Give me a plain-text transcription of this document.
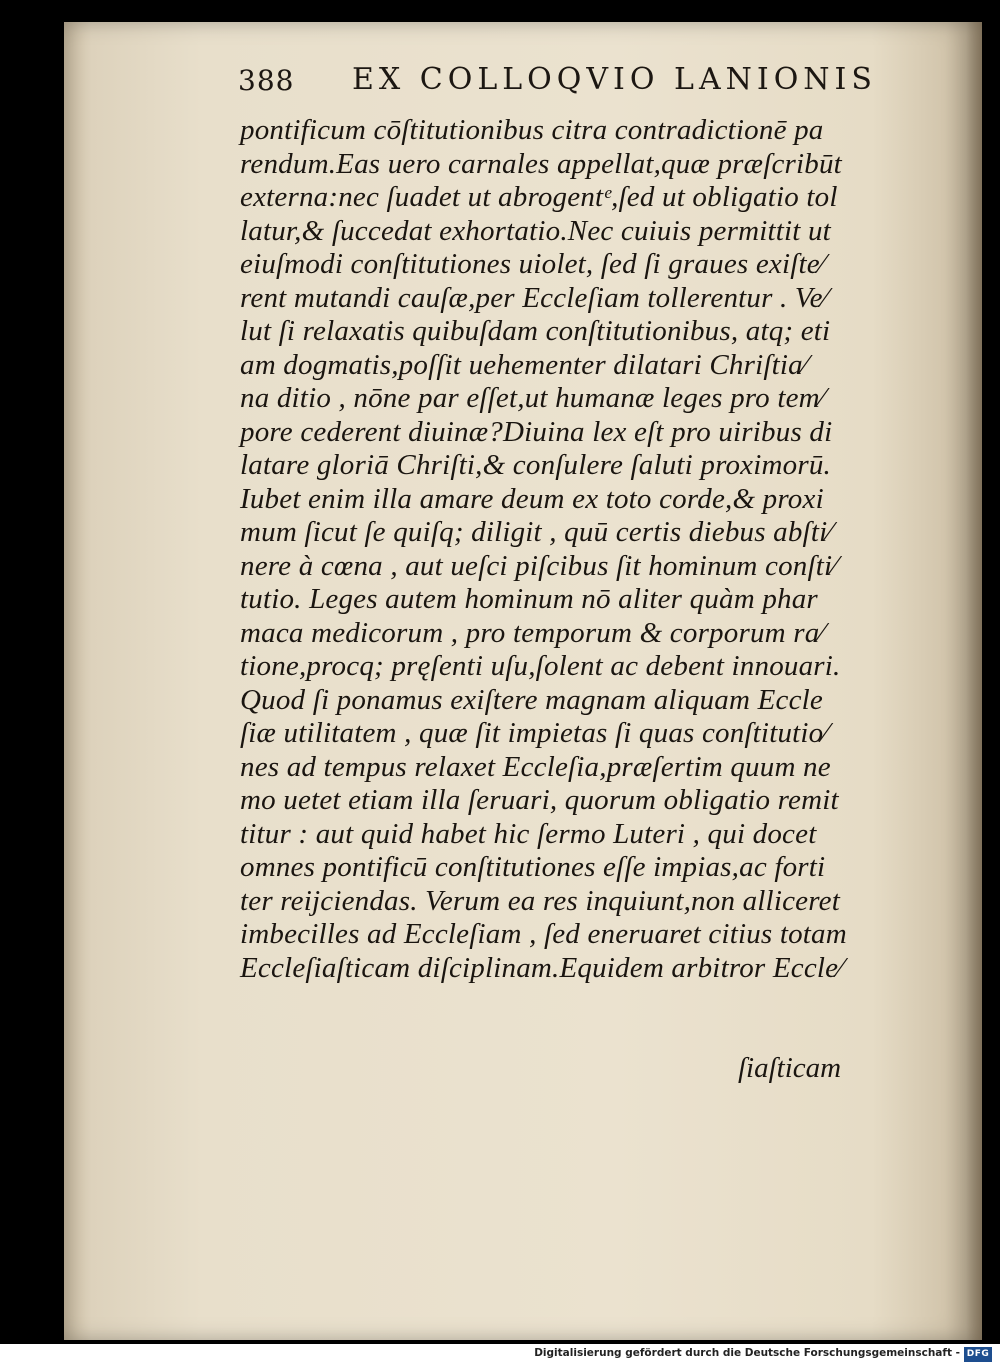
388 EX COLLOQVIO LANIONIS
pontificum cōſtitutionibus citra contradictionē pa
rendum.Eas uero carnales appellat,quæ præſcribūt
externa:nec ſuadet ut abrogentᵉ,ſed ut obligatio tol
latur,& ſuccedat exhortatio.Nec cuiuis permittit ut
eiuſmodi conſtitutiones uiolet, ſed ſi graues exiſte⁄
rent mutandi cauſæ,per Eccleſiam tollerentur . Ve⁄
lut ſi relaxatis quibuſdam conſtitutionibus, atq; eti
am dogmatis,poſſit uehementer dilatari Chriſtia⁄
na ditio , nōne par eſſet,ut humanæ leges pro tem⁄
pore cederent diuinæ?Diuina lex eſt pro uiribus di
latare gloriā Chriſti,& conſulere ſaluti proximorū.
Iubet enim illa amare deum ex toto corde,& proxi
mum ſicut ſe quiſq; diligit , quū certis diebus abſti⁄
nere à cœna , aut ueſci piſcibus ſit hominum conſti⁄
tutio. Leges autem hominum nō aliter quàm phar
maca medicorum , pro temporum & corporum ra⁄
tione,procq; pręſenti uſu,ſolent ac debent innouari.
Quod ſi ponamus exiſtere magnam aliquam Eccle
ſiæ utilitatem , quæ ſit impietas ſi quas conſtitutio⁄
nes ad tempus relaxet Eccleſia,præſertim quum ne
mo uetet etiam illa ſeruari, quorum obligatio remit
titur : aut quid habet hic ſermo Luteri , qui docet
omnes pontificū conſtitutiones eſſe impias,ac forti
ter reijciendas. Verum ea res inquiunt,non alliceret
imbecilles ad Eccleſiam , ſed eneruaret citius totam
Eccleſiaſticam diſciplinam.Equidem arbitror Eccle⁄
ſiaſticam
Digitalisierung gefördert durch die Deutsche Forschungsgemeinschaft - DFG
